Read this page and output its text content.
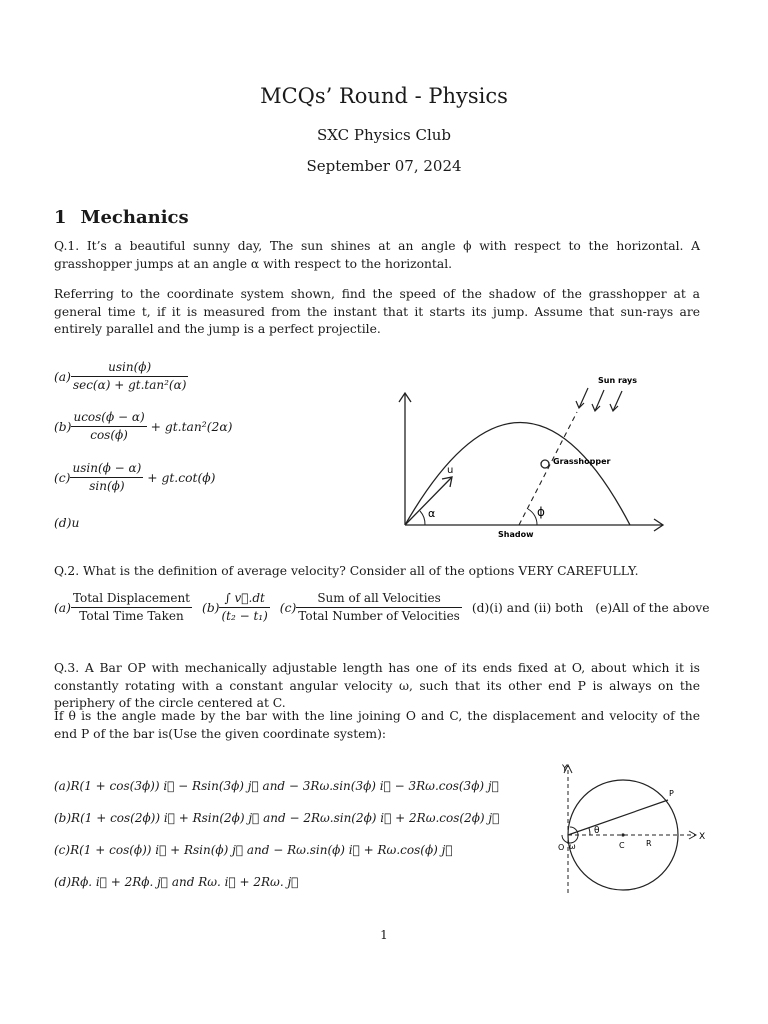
MCQs’ Round - Physics
SXC Physics Club
September 07, 2024
1 Mechanics
Q.1. It’s a beautiful sunny day, The sun shines at an angle ϕ with respect to the horizontal. A grasshopper jumps at an angle α with respect to the horizontal.
Referring to the coordinate system shown, find the speed of the shadow of the grasshopper at a general time t, if it is measured from the instant that it starts its jump. Assume that sun-rays are entirely parallel and the jump is a perfect projectile.
$(a) \frac{usin(\phi)}{\text{sec(α) + gt.tan²(α)}}$
$(b) \frac{ucos(\phi - \alpha)}{\cos(\phi)} + gt.\tan^2(2\alpha)$
$(c) \frac{usin(\phi - \alpha)}{\sin(\phi)} + gt.\cot(\phi)$
(d) u
u
α	ϕ
Grasshopper
Shadow
Sun rays
Q.2. What is the definition of average velocity? Consider all of the options VERY CAREFULLY.
$(a) \frac{\text{Total Displacement}}{\text{Total Time Taken}} (b) \frac{\int v⃗.dt}{\text{(t₂ − t₁)}} (c) \frac{\text{Sum of all Velocities}}{\text{Total Number of Velocities}} (d)(i)$ and (ii) both (e)All of the above
Q.3. A Bar OP with mechanically adjustable length has one of its ends fixed at O, about which it is constantly rotating with a constant angular velocity ω, such that its other end P is always on the periphery of the circle centered at C.
If θ is the angle made by the bar with the line joining O and C, the displacement and velocity of the end P of the bar is(Use the given coordinate system):
(a)R(1 + cos(3ϕ)) i⃗ − Rsin(3ϕ) j⃗ and − 3Rω.sin(3ϕ) i⃗ − 3Rω.cos(3ϕ) j⃗
(b)R(1 + cos(2ϕ)) i⃗ + Rsin(2ϕ) j⃗ and − 2Rω.sin(2ϕ) i⃗ + 2Rω.cos(2ϕ) j⃗
(c)R(1 + cos(ϕ)) i⃗ + Rsin(ϕ) j⃗ and − Rω.sin(ϕ) i⃗ + Rω.cos(ϕ) j⃗
(d)Rϕ. i⃗ + 2Rϕ. j⃗ and Rω. i⃗ + 2Rω. j⃗
Y
X
P
θ
O ω	C	R
1
